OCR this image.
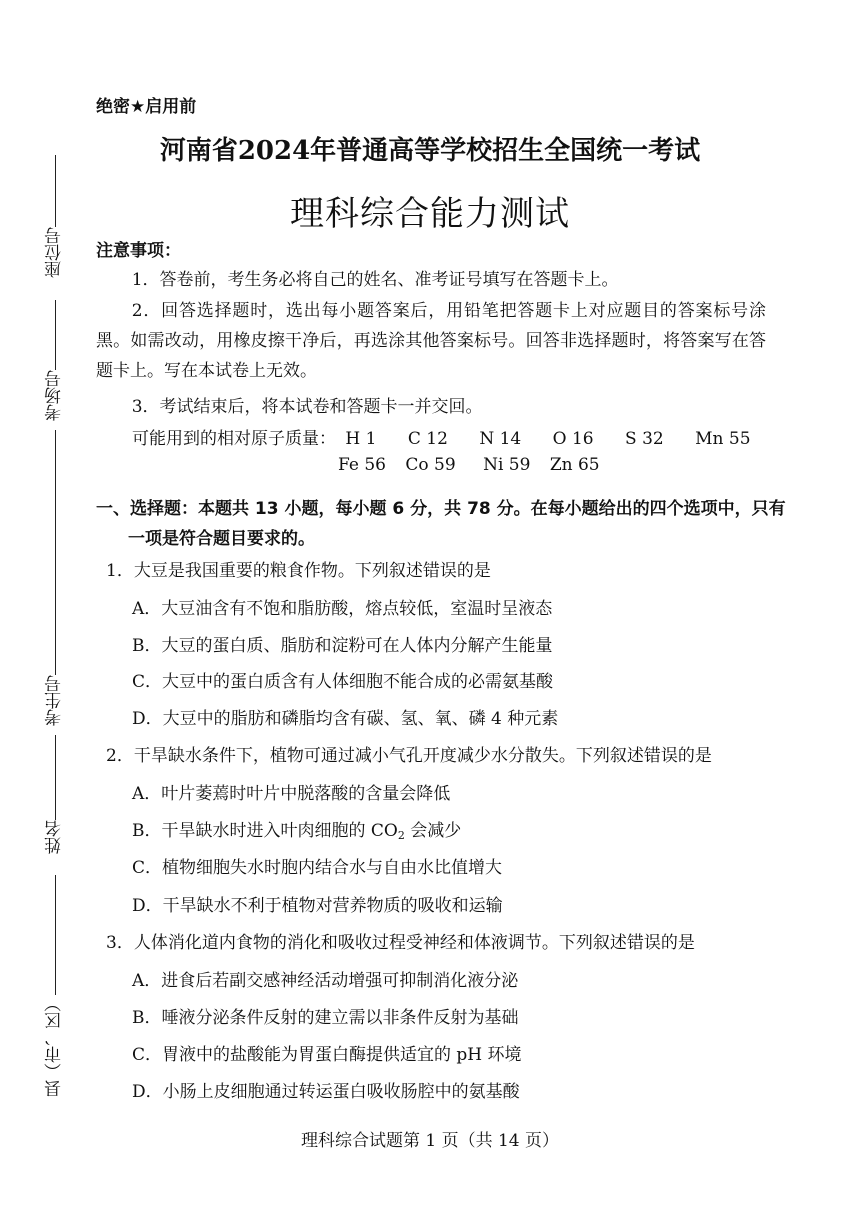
座位号
考场号
考生号
姓名
县（市、区）
绝密★启用前
河南省2024年普通高等学校招生全国统一考试
理科综合能力测试
注意事项：
1．答卷前，考生务必将自己的姓名、准考证号填写在答题卡上。
2．回答选择题时，选出每小题答案后，用铅笔把答题卡上对应题目的答案标号涂黑。如需改动，用橡皮擦干净后，再选涂其他答案标号。回答非选择题时，将答案写在答题卡上。写在本试卷上无效。
3．考试结束后，将本试卷和答题卡一并交回。
可能用到的相对原子质量： H 1 C 12 N 14 O 16 S 32 Mn 55
Fe 56 Co 59 Ni 59 Zn 65
一、选择题：本题共 13 小题，每小题 6 分，共 78 分。在每小题给出的四个选项中，只有一项是符合题目要求的。
1．大豆是我国重要的粮食作物。下列叙述错误的是
A．大豆油含有不饱和脂肪酸，熔点较低，室温时呈液态
B．大豆的蛋白质、脂肪和淀粉可在人体内分解产生能量
C．大豆中的蛋白质含有人体细胞不能合成的必需氨基酸
D．大豆中的脂肪和磷脂均含有碳、氢、氧、磷 4 种元素
2．干旱缺水条件下，植物可通过减小气孔开度减少水分散失。下列叙述错误的是
A．叶片萎蔫时叶片中脱落酸的含量会降低
B．干旱缺水时进入叶肉细胞的 $CO_2$ 会减少
C．植物细胞失水时胞内结合水与自由水比值增大
D．干旱缺水不利于植物对营养物质的吸收和运输
3．人体消化道内食物的消化和吸收过程受神经和体液调节。下列叙述错误的是
A．进食后若副交感神经活动增强可抑制消化液分泌
B．唾液分泌条件反射的建立需以非条件反射为基础
C．胃液中的盐酸能为胃蛋白酶提供适宜的 pH 环境
D．小肠上皮细胞通过转运蛋白吸收肠腔中的氨基酸
理科综合试题第 1 页（共 14 页）
